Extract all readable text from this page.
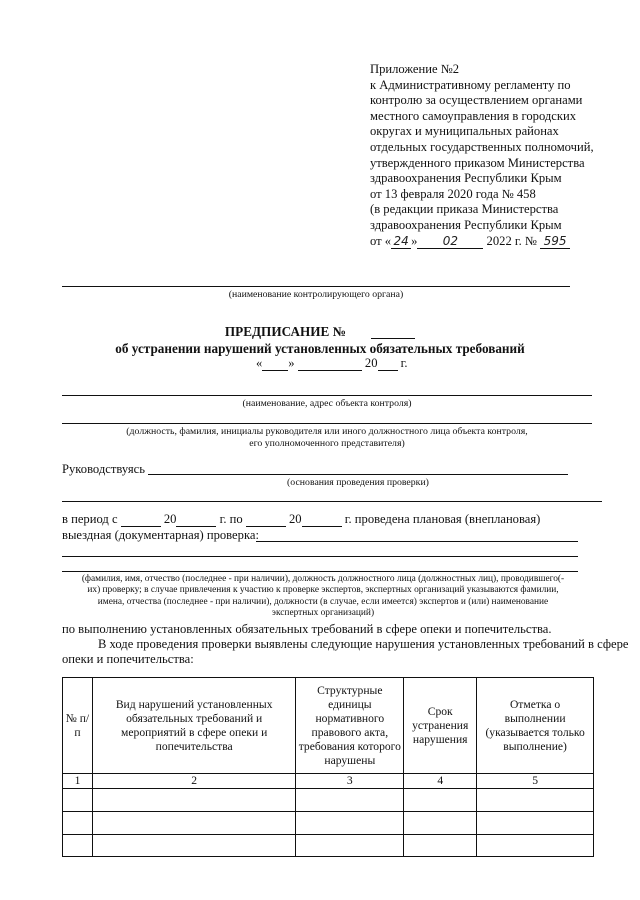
Приложение №2
к Административному регламенту по
контролю за осуществлением органами
местного самоуправления в городских
округах и муниципальных районах
отдельных государственных полномочий,
утвержденного приказом Министерства
здравоохранения Республики Крым
от 13 февраля 2020 года № 458
(в редакции приказа Министерства
здравоохранения Республики Крым
от « 24 » 02 2022 г. № 595
(наименование контролирующего органа)
ПРЕДПИСАНИЕ №
об устранении нарушений установленных обязательных требований
« »	20 г.
(наименование, адрес объекта контроля)
(должность, фамилия, инициалы руководителя или иного должностного лица объекта контроля,
его уполномоченного представителя)
Руководствуясь
(основания проведения проверки)
в период с	20	г. по	20	г. проведена плановая (внеплановая)
выездная (документарная) проверка:
(фамилия, имя, отчество (последнее - при наличии), должность должностного лица (должностных лиц), проводившего(-
их) проверку; в случае привлечения к участию к проверке экспертов, экспертных организаций указываются фамилии,
имена, отчества (последнее - при наличии), должности (в случае, если имеется) экспертов и (или) наименование
экспертных организаций)
по выполнению установленных обязательных требований в сфере опеки и попечительства.
В ходе проведения проверки выявлены следующие нарушения установленных требований в сфере
опеки и попечительства:
№ п/п	Вид нарушений установленных обязательных требований и мероприятий в сфере опеки и попечительства	Структурные единицы нормативного правового акта, требования которого нарушены	Срок устранения нарушения	Отметка о выполнении (указывается только выполнение)
1	2	3	4	5
